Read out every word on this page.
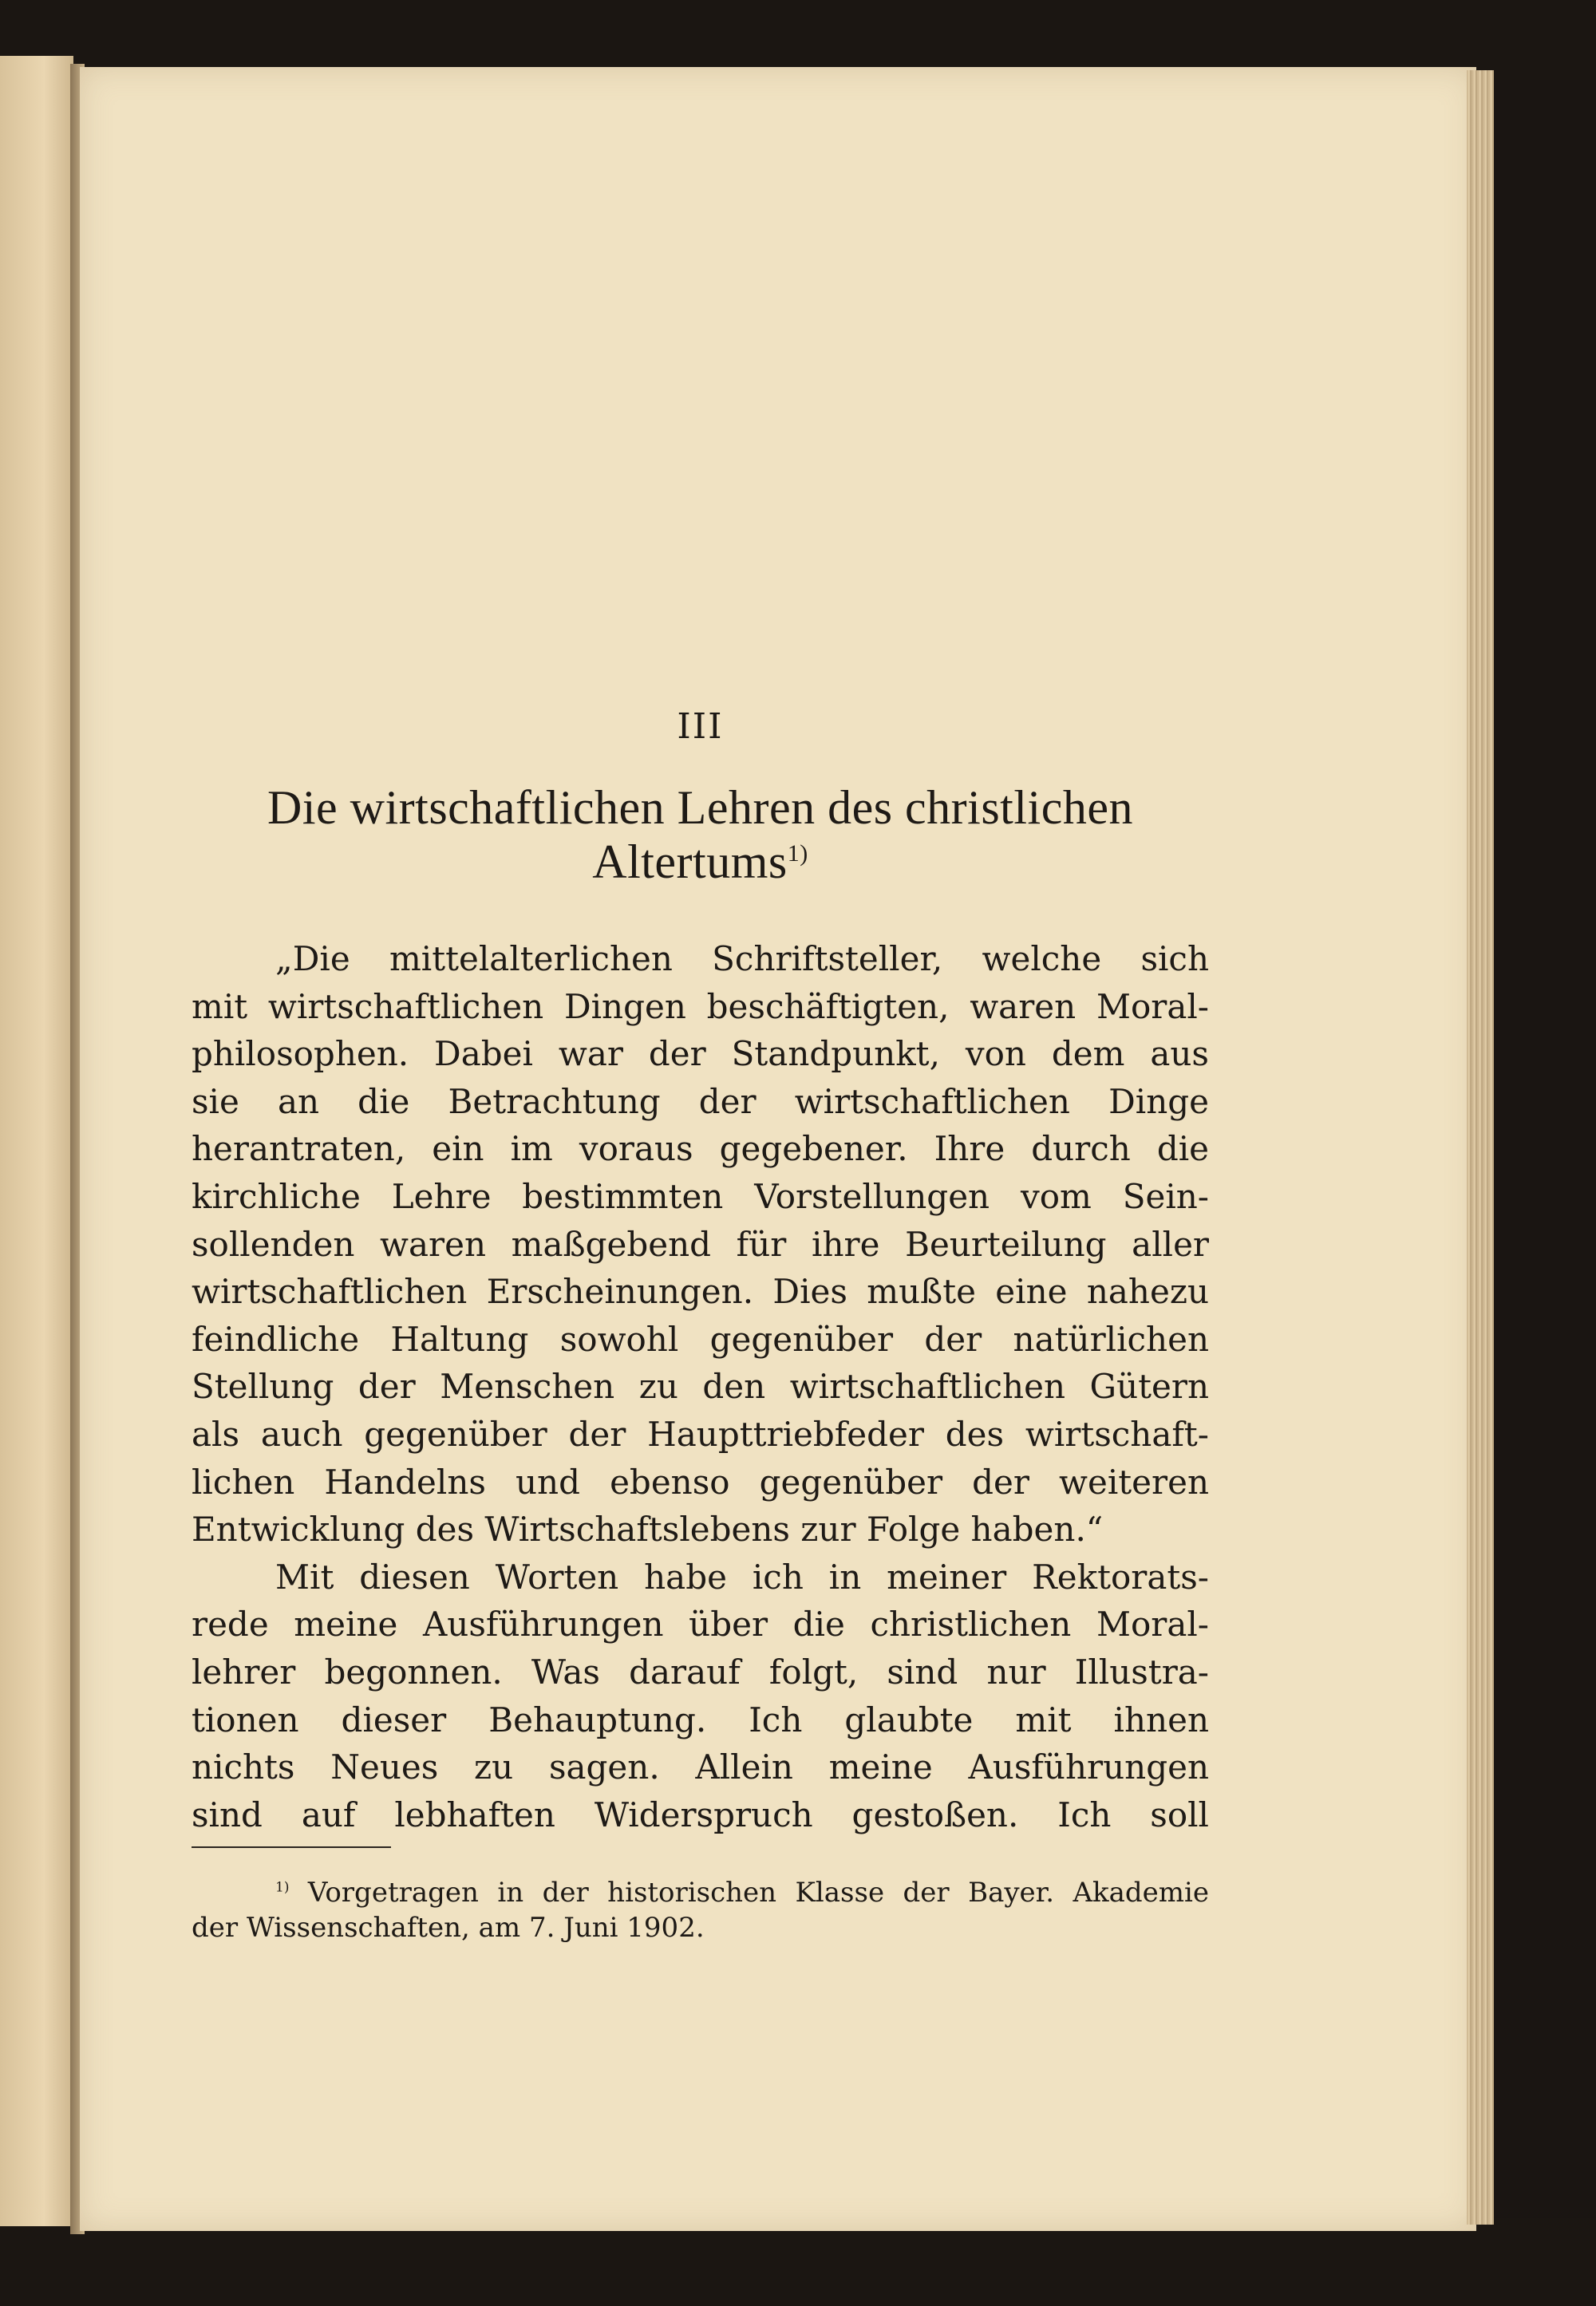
III
Die wirtschaftlichen Lehren des christlichen
Altertums$^{1)}$
„Die mittelalterlichen Schriftsteller, welche sich
mit wirtschaftlichen Dingen beschäftigten, waren Moral-
philosophen. Dabei war der Standpunkt, von dem aus
sie an die Betrachtung der wirtschaftlichen Dinge
herantraten, ein im voraus gegebener. Ihre durch die
kirchliche Lehre bestimmten Vorstellungen vom Sein-
sollenden waren maßgebend für ihre Beurteilung aller
wirtschaftlichen Erscheinungen. Dies mußte eine nahezu
feindliche Haltung sowohl gegenüber der natürlichen
Stellung der Menschen zu den wirtschaftlichen Gütern
als auch gegenüber der Haupttriebfeder des wirtschaft-
lichen Handelns und ebenso gegenüber der weiteren
Entwicklung des Wirtschaftslebens zur Folge haben.“
Mit diesen Worten habe ich in meiner Rektorats-
rede meine Ausführungen über die christlichen Moral-
lehrer begonnen. Was darauf folgt, sind nur Illustra-
tionen dieser Behauptung. Ich glaubte mit ihnen
nichts Neues zu sagen. Allein meine Ausführungen
sind auf lebhaften Widerspruch gestoßen. Ich soll
$^{1)}$ Vorgetragen in der historischen Klasse der Bayer. Akademie
der Wissenschaften, am 7. Juni 1902.
